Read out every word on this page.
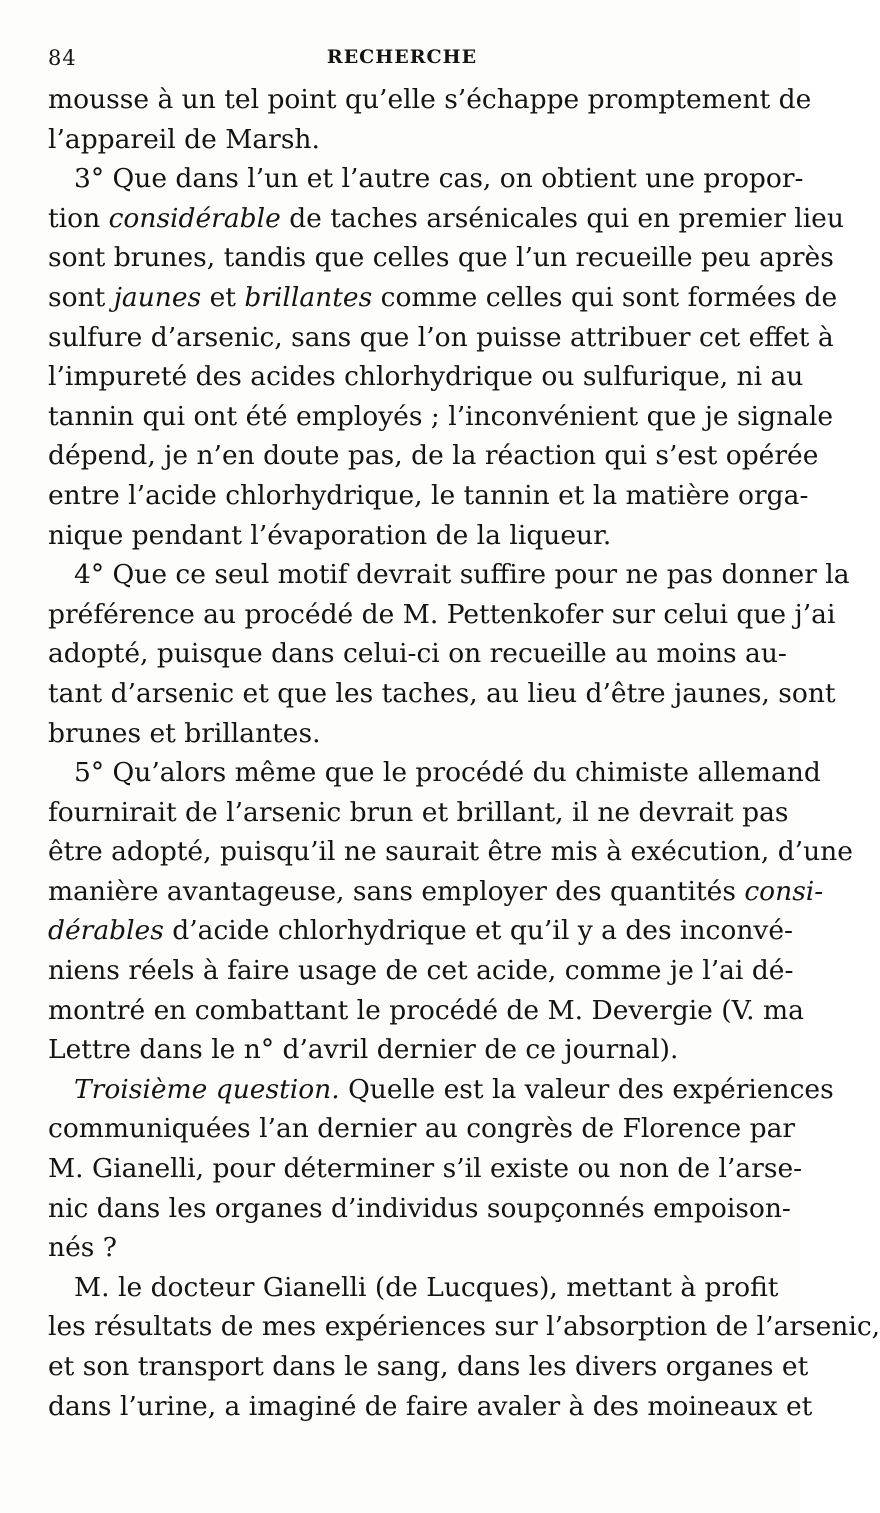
84	RECHERCHE
mousse à un tel point qu’elle s’échappe promptement de
l’appareil de Marsh.
3° Que dans l’un et l’autre cas, on obtient une propor-
tion considérable de taches arsénicales qui en premier lieu
sont brunes, tandis que celles que l’un recueille peu après
sont jaunes et brillantes comme celles qui sont formées de
sulfure d’arsenic, sans que l’on puisse attribuer cet effet à
l’impureté des acides chlorhydrique ou sulfurique, ni au
tannin qui ont été employés ; l’inconvénient que je signale
dépend, je n’en doute pas, de la réaction qui s’est opérée
entre l’acide chlorhydrique, le tannin et la matière orga-
nique pendant l’évaporation de la liqueur.
4° Que ce seul motif devrait suffire pour ne pas donner la
préférence au procédé de M. Pettenkofer sur celui que j’ai
adopté, puisque dans celui-ci on recueille au moins au-
tant d’arsenic et que les taches, au lieu d’être jaunes, sont
brunes et brillantes.
5° Qu’alors même que le procédé du chimiste allemand
fournirait de l’arsenic brun et brillant, il ne devrait pas
être adopté, puisqu’il ne saurait être mis à exécution, d’une
manière avantageuse, sans employer des quantités consi-
dérables d’acide chlorhydrique et qu’il y a des inconvé-
niens réels à faire usage de cet acide, comme je l’ai dé-
montré en combattant le procédé de M. Devergie (V. ma
Lettre dans le n° d’avril dernier de ce journal).
Troisième question. Quelle est la valeur des expériences
communiquées l’an dernier au congrès de Florence par
M. Gianelli, pour déterminer s’il existe ou non de l’arse-
nic dans les organes d’individus soupçonnés empoison-
nés ?
M. le docteur Gianelli (de Lucques), mettant à profit
les résultats de mes expériences sur l’absorption de l’arsenic,
et son transport dans le sang, dans les divers organes et
dans l’urine, a imaginé de faire avaler à des moineaux et
